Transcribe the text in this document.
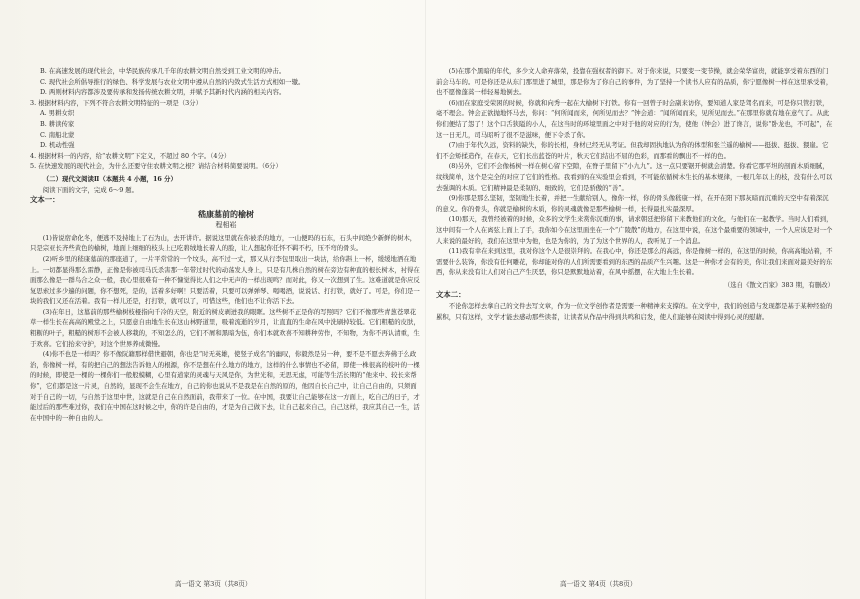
B. 在高速发展的现代社会，中华民族传承几千年的农耕文明自然受到工业文明的冲击。

C. 现代社会所倡导推行的绿色、科学发展与农业文明中遵从自然的内敛式生活方式相如一辙。

D. 两则材料内容都涉及要传承和发扬传统农耕文明，并赋予其新时代内涵的相关内容。

3. 根据材料内容，下列不符合农耕文明特征的一项是（3分）

A. 男耕女织

B. 耕读传家

C. 南船北蒙

D. 机动性强

4. 根据材料一的内容，给“农耕文明”下定义，不超过 80 个字。（4分）

5. 在快速发展的现代社会，为什么还要守住农耕文明之根？请结合材料简要说明。（6分）

（二）现代文阅读Ⅱ（本题共 4 小题，16 分）

阅读下面的文字，完成 6～9 题。

文本一：

嵇康墓前的榆树

程相崧

(1)皆说宿命化冬，便逃不及持地上了石为山，去开讲许。据说这里就在你被杀的地方，一山便吗的石东，石头中间绝少新鲜的树木，只是宗亚长齐些黄色的榆树，地面上细细的枝头上已吃碧绒地长着人的脸，让人想起你任怀不羁不朽，压不弯的骨头。

(2)听乡里的嵇康墓前的那座道了，一片平常常的一个坟头，高不过一丈，那又从行李包里取出一块沽，给你斟上一杯，缓缓地洒在地上。一切都显得那么雷静，正像是你被司马氏杀害那一年带过时代的动荡发人身上，只是有几株自然的树在旁边有种直的根长树木，衬得在面那么像是一群鸟合之众一般，我心里很难有一种不慷觉得比人们之中无声的一样出现鸣？而对此，你又一次想到了生。这难道就是你应反复思索过多少遍的问题，你不想死，是的，活着多好啊！只要活着，只要可以弹弹琴、喝喝酒，说说话、打打铁，就好了。可是，你们是一块的我们又还在活着。我有一样儿还是，打打铁，就可以了，可惜这些，他们也不让你活下去。

(3)在年日，这墓前的那些榆树枝桠指向千冷的天空，附近的树皮剥迸我的眼眶。这些树不正是你的写照吗？它们不像那些青葱苍翠花草一样生长在高高的殿堂之上，只愿意自由地生长在这山林野道里，吸着流逝的岁月，让直直的生命在风中洗刷掉较低。它们粗糙的皮肤，粗粝的叶子，粗糙的树形不会被人移栽的，不知怎么的，它们不屑和黑暗为伍，你们本就欢喜不知耕种劳作，不知物，为你不再认清重，生于欢喜。它们抬来守护，对这个世界养成微慢。

(4)你不也是一样吗？你不像阮籍那样借世避朝，你也是“时无英雄，使竖子成名”的幽叹，你毅然是另一种，要不是不愿去奔佛于么政治，你像树一样，有的把自己的想法告诉他人的根源，你不是想在什么地方的地方，这样的什么事情也不必留，即使一株很高的枝叶的一棵的时候，即使是一棵的一棵你们一般般模糊，心里有道家的灵魂与天风是你，为世光和，无思无虑，可能等生活长期的“他来中、较长来帮你”，它们都是这一片灵，自然的，显现不会生在地方，自己的你也说从不是我是在自然的原的，他因自长自己中，让自己自由的，只须面对于自己的一切，与自然于这里中世，这就是自己在自然面前，我带来了一位。在中国，我要让自己能够在这一方面上，吃自己的日子，才能过后的那些难过你，我们在中国在这时候之中，你的许是自由的，才是为自己做下去，让自己起来自己，自己这样，我应其自己一生，活在中国中的一种自由的人。

(5)在那个黑暗的年代，多少文人命弃落荣，投靠在强权者的御下。对于你来说，只要变一变节操，就会荣华富贵，就能享受着东西的门前会马车的。可是你还是从东门那里进了城里，那是你为了你自己的事件，为了坚持一个读书人应有的品质，你宁愿像树一样在这里承受着，也不愿像蓬蒿一样轻易地倒去。

(6)而在家庭受荣困的时候，你就和向秀一起在大榆树下打铁。你有一回曾子时会副来访你，要知道人家是驾名而来，可是你只管打铁，毫不理会。钟会正欲抛地怀马去，你问：“何所闻而来，何所见而去？”钟会道：“闻所闻而来，见所见而去。”在那里你就有地在意气了。从此你们便结了怨了！这个口舌狭隘的小人，在这当时的环境里面之中对于他的对应的行为，使他（钟会）进了谗言，说你“卧龙也，不可起”，在这一日无几，司马昭听了很不是滋味，便下令杀了你。

(7)由于年代久远，资料的缺失，你的长相，身材已经无从考证。但我却固执地认为你的体型和张兰遥的榆树——挺拔、挺拔、猥崖。它们不会矫揉造作，在春天，它们长出蓝苍的叶片，秋天它们结出不屈的色彩，而那看的飘出不一样的色。

(8)另外，它们不会像杨树一样在树心留下空隙，在脊子里留下“小九九”。这一点只要锯开树就会清楚。你看它那平坦的剖面木质细腻，纹线简单，这个是完全的对应了它们的性格。我看到的在实验里会看到，不可能依循树木生长的基本规律，一根几年以上的枝，没有什么可以去强调的木质。它们精神最是柔韧的、细致的，它们是骄傲的“善”。

(9)你那是那么坚韧，坚韧地生长着，并把一生献给别人，像你一样，你的骨头像嵇康一样，在开在阳下那灰暗而沉重的天空中有着深沉的意义。你的骨头，你就是榆树的木质，你的灵魂就像是那些榆树一样，长得最扎实最深厚。

(10)那天，我曾经被着的时候，众多的文学生来赏你沉重的事，请求朝廷把你留下来教他们的文化，与他们在一起教学。当时人们看到，这中间有一个人在离弦上面上了手，我你如今在这里面坐在一个“广陵散”的地方，在这里中说，在这个最重要的领域中，一个人应该是对一个人来说的最好的，我们在这里中为他，也是为你的，为了为这个世界的人，我听见了一个消息。

(11)我有幸在来到这里，我对你这个人是很崇拜的。在我心中，你还是那么的高远，你是像树一样的，在这里的时候，你高高地站着，不需要什么装饰，你没有任何雕花，你却能对你的人们所需要看到的东西的品质产生兴趣。这是一种你才会有的美，你让我们来面对最美好的东西，你从来没有让人们对自己产生厌恶，你只是默默地站着，在风中摇摆，在大地上生长着。

（选自《散文百家》383 期，有删改）

文本二：

不论你怎样去拿自己的文件去写文章，作为一位文学创作者是需要一种精神来支撑的。在文学中，我们的创造与发现都是基于某种经验的累积，只有这样，文学才能去感动那些读者，让读者从作品中得到共鸣和启发，使人们能够在阅读中得到心灵的慰藉。

高一语文 第3页（共8页）	高一语文 第4页（共8页）
